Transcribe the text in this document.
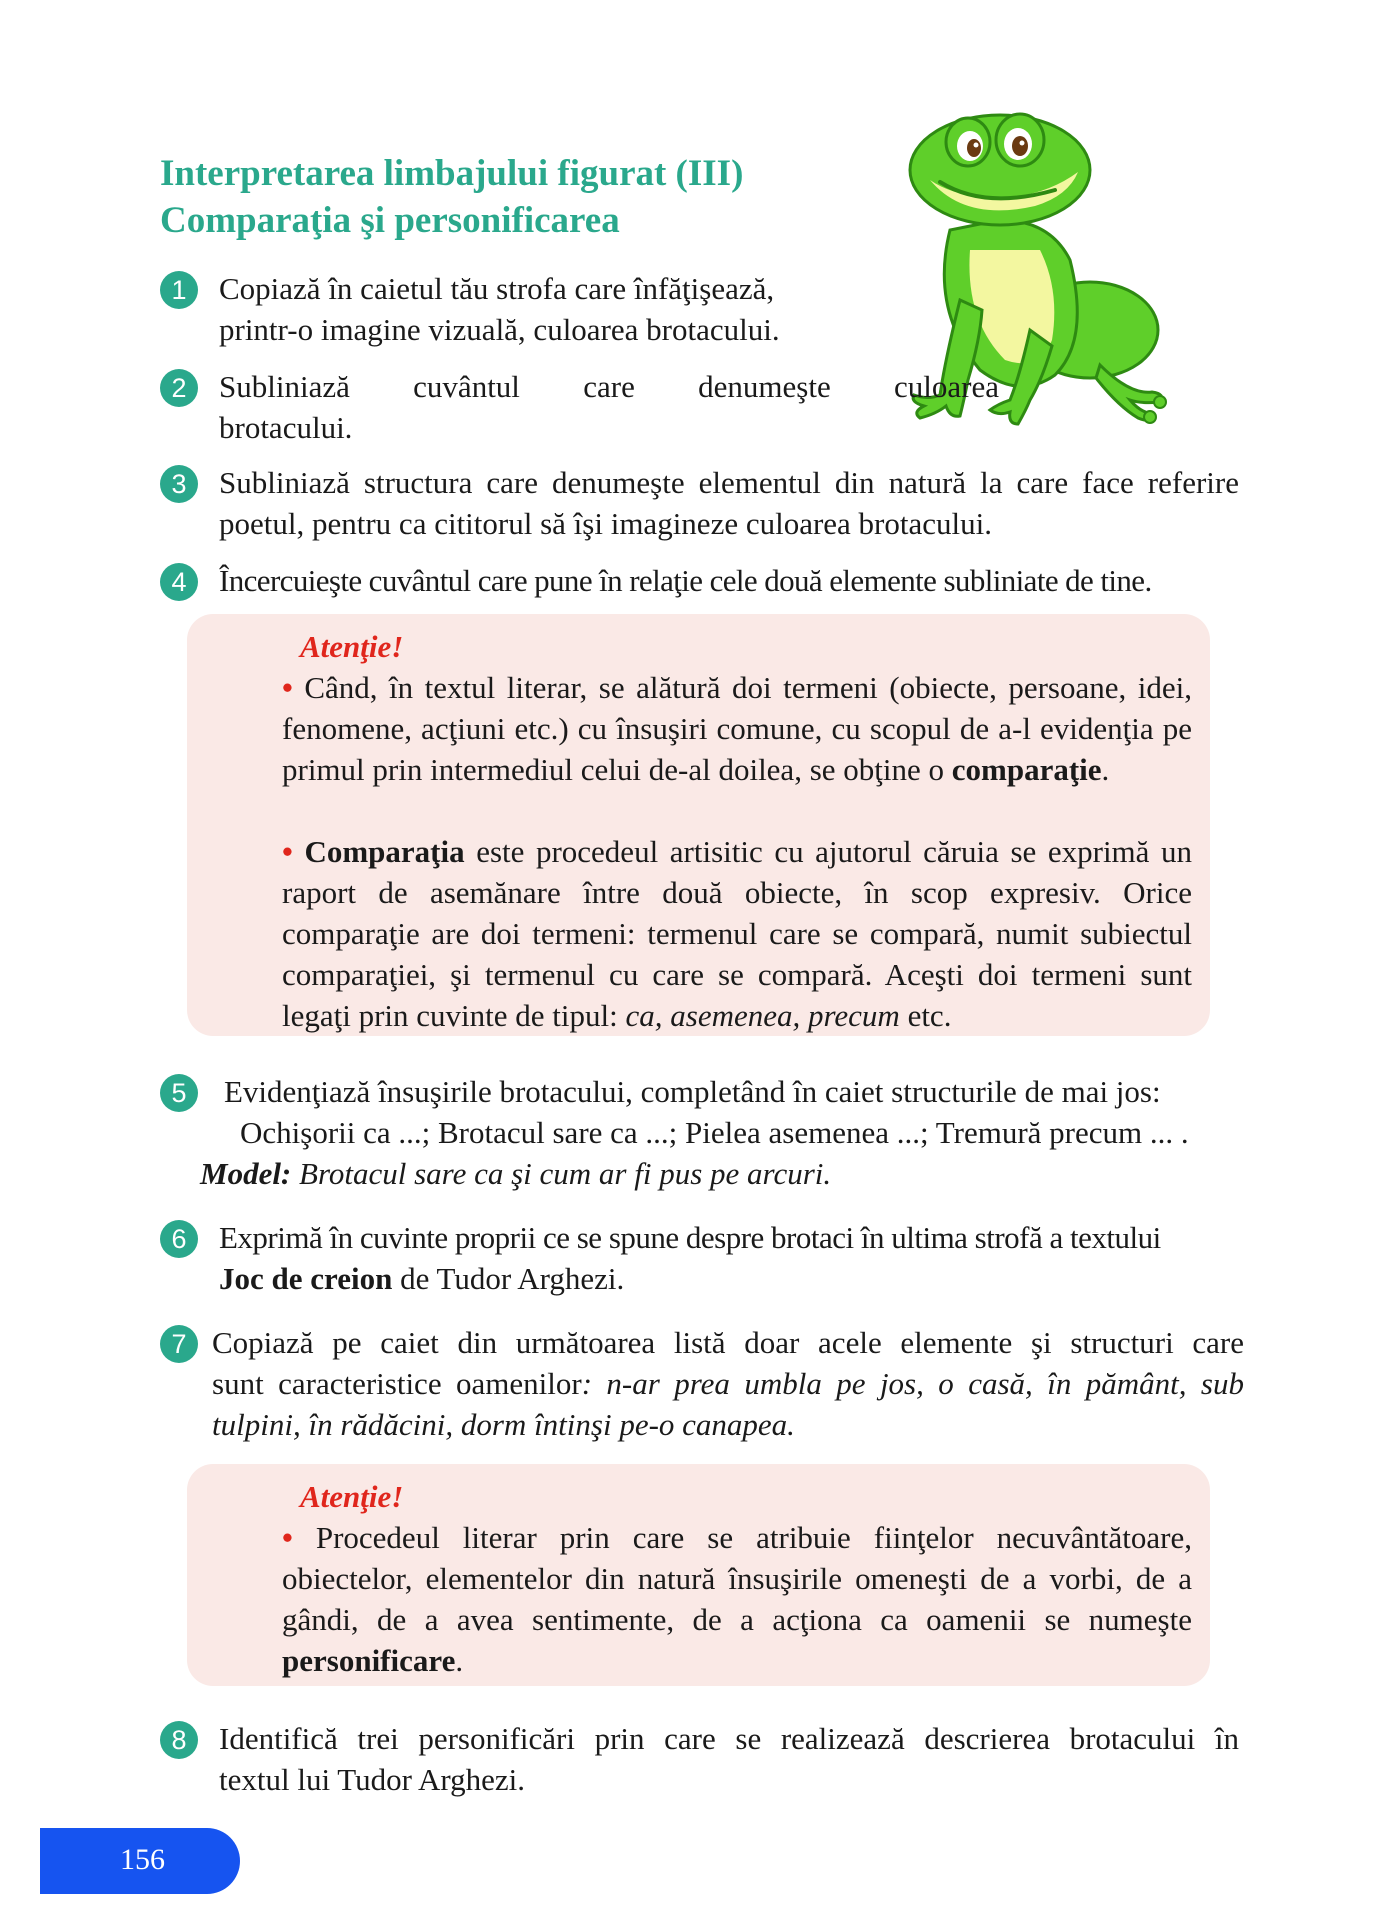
Interpretarea limbajului figurat (III)
Comparaţia şi personificarea
1	Copiază în caietul tău strofa care înfăţişează,
printr-o imagine vizuală, culoarea brotacului.
2	Subliniază cuvântul care denumeşte culoarea
brotacului.
3	Subliniază structura care denumeşte elementul din natură la care face referire
poetul, pentru ca cititorul să îşi imagineze culoarea brotacului.
4	Încercuieşte cuvântul care pune în relaţie cele două elemente subliniate de tine.
Atenţie!
• Când, în textul literar, se alătură doi termeni (obiecte, persoane, idei, fenomene, acţiuni etc.) cu însuşiri comune, cu scopul de a-l evidenţia pe primul prin intermediul celui de-al doilea, se obţine o comparaţie.
• Comparaţia este procedeul artisitic cu ajutorul căruia se exprimă un raport de asemănare între două obiecte, în scop expresiv. Orice comparaţie are doi termeni: termenul care se compară, numit subiectul comparaţiei, şi termenul cu care se compară. Aceşti doi termeni sunt legaţi prin cuvinte de tipul: ca, asemenea, precum etc.
5	Evidenţiază însuşirile brotacului, completând în caiet structurile de mai jos:
Ochişorii ca ...; Brotacul sare ca ...; Pielea asemenea ...; Tremură precum ... .
Model: Brotacul sare ca şi cum ar fi pus pe arcuri.
6	Exprimă în cuvinte proprii ce se spune despre brotaci în ultima strofă a textului
Joc de creion de Tudor Arghezi.
7 Copiază pe caiet din următoarea listă doar acele elemente şi structuri care
sunt caracteristice oamenilor: n-ar prea umbla pe jos, o casă, în pământ, sub
tulpini, în rădăcini, dorm întinşi pe-o canapea.
Atenţie!
• Procedeul literar prin care se atribuie fiinţelor necuvântătoare, obiectelor, elementelor din natură însuşirile omeneşti de a vorbi, de a gândi, de a avea sentimente, de a acţiona ca oamenii se numeşte personificare.
8	Identifică trei personificări prin care se realizează descrierea brotacului în
textul lui Tudor Arghezi.
156
